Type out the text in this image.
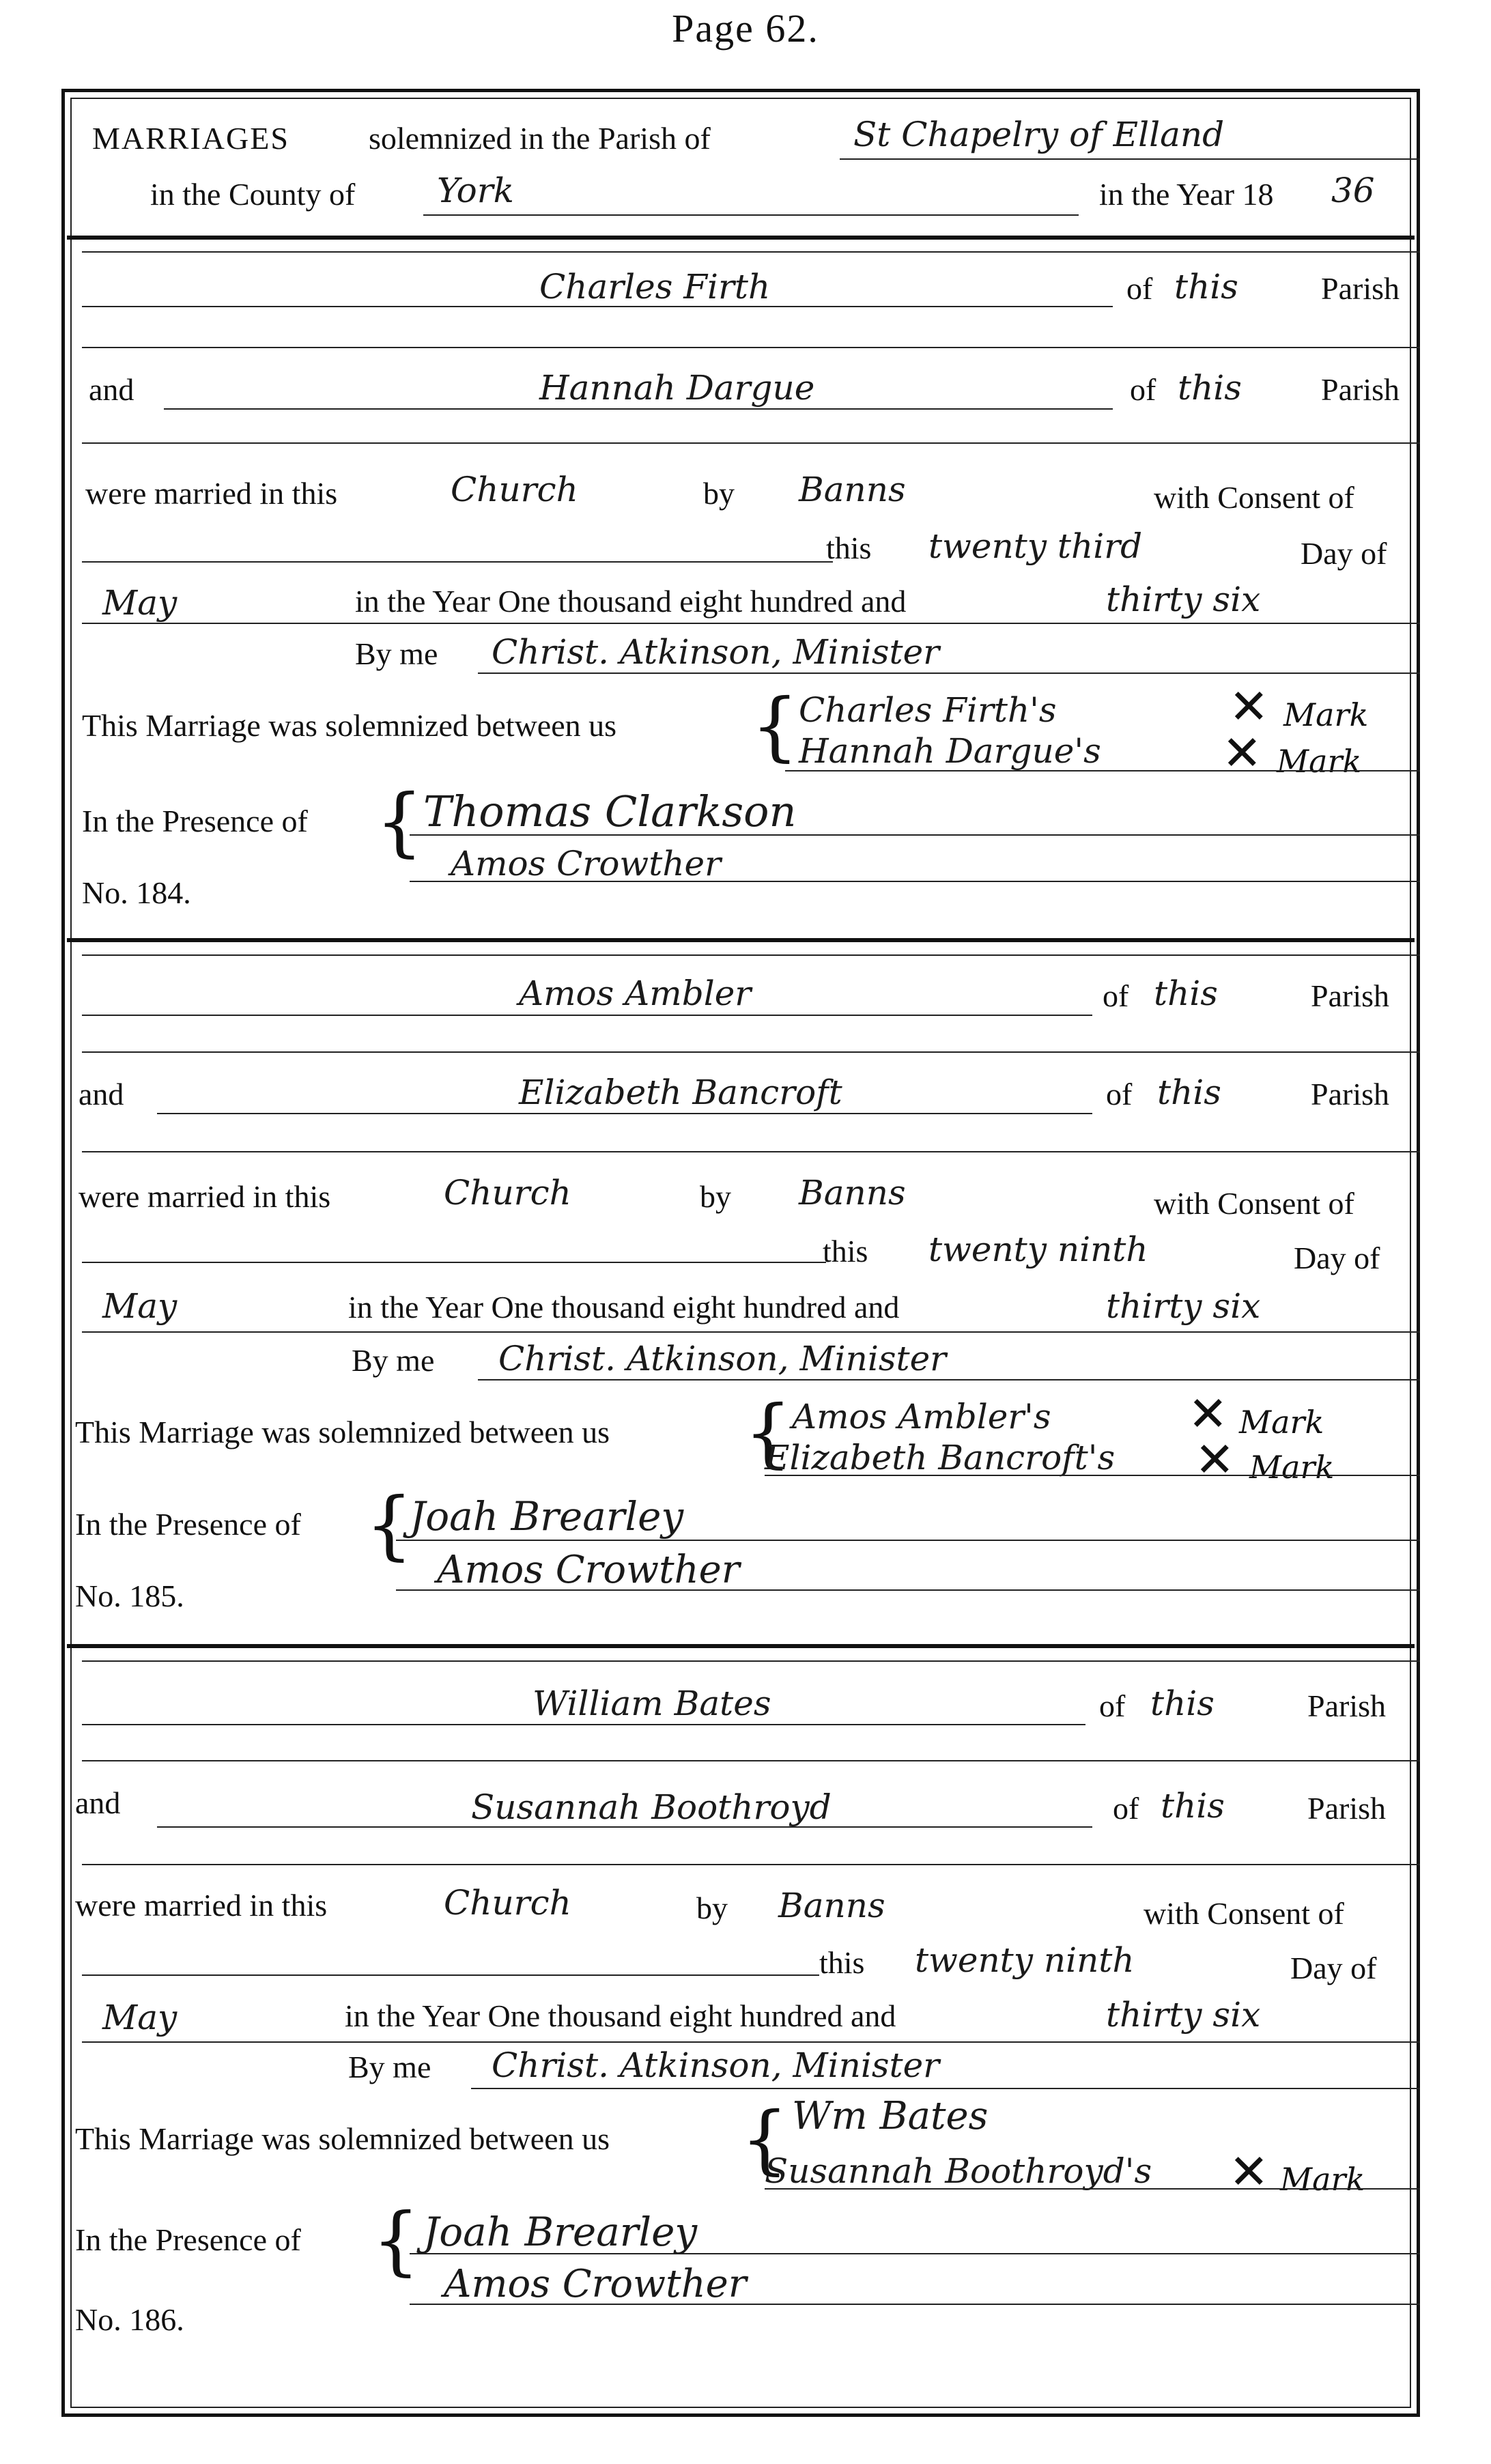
Page 62.
MARRIAGES	solemnized in the Parish of	St Chapelry of Elland
in the County of York	in the Year 18 36
Charles Firth	of this	Parish
and	Hannah Dargue	of this	Parish
were married in this	Church	by Banns	with Consent of
this twenty third	Day of
May	in the Year One thousand eight hundred and	thirty six
By me Christ. Atkinson, Minister
This Marriage was solemnized between us { Charles Firth's	✕ Mark
Hannah Dargue's	✕ Mark
In the Presence of { Thomas Clarkson
Amos Crowther
No. 184.
Amos Ambler	of this	Parish
and	Elizabeth Bancroft	of this	Parish
were married in this	Church	by Banns	with Consent of
this twenty ninth	Day of
May	in the Year One thousand eight hundred and	thirty six
By me Christ. Atkinson, Minister
This Marriage was solemnized between us { Amos Ambler's	✕ Mark
Elizabeth Bancroft's ✕ Mark
In the Presence of {
Joah Brearley
Amos Crowther
No. 185.
William Bates	of this	Parish
and	Susannah Boothroyd	of this	Parish
were married in this	Church	by Banns	with Consent of
this twenty ninth	Day of
May	in the Year One thousand eight hundred and	thirty six
By me Christ. Atkinson, Minister
This Marriage was solemnized between us { Wm Bates
Susannah Boothroyd's ✕ Mark
In the Presence of { Joah Brearley
Amos Crowther
No. 186.
